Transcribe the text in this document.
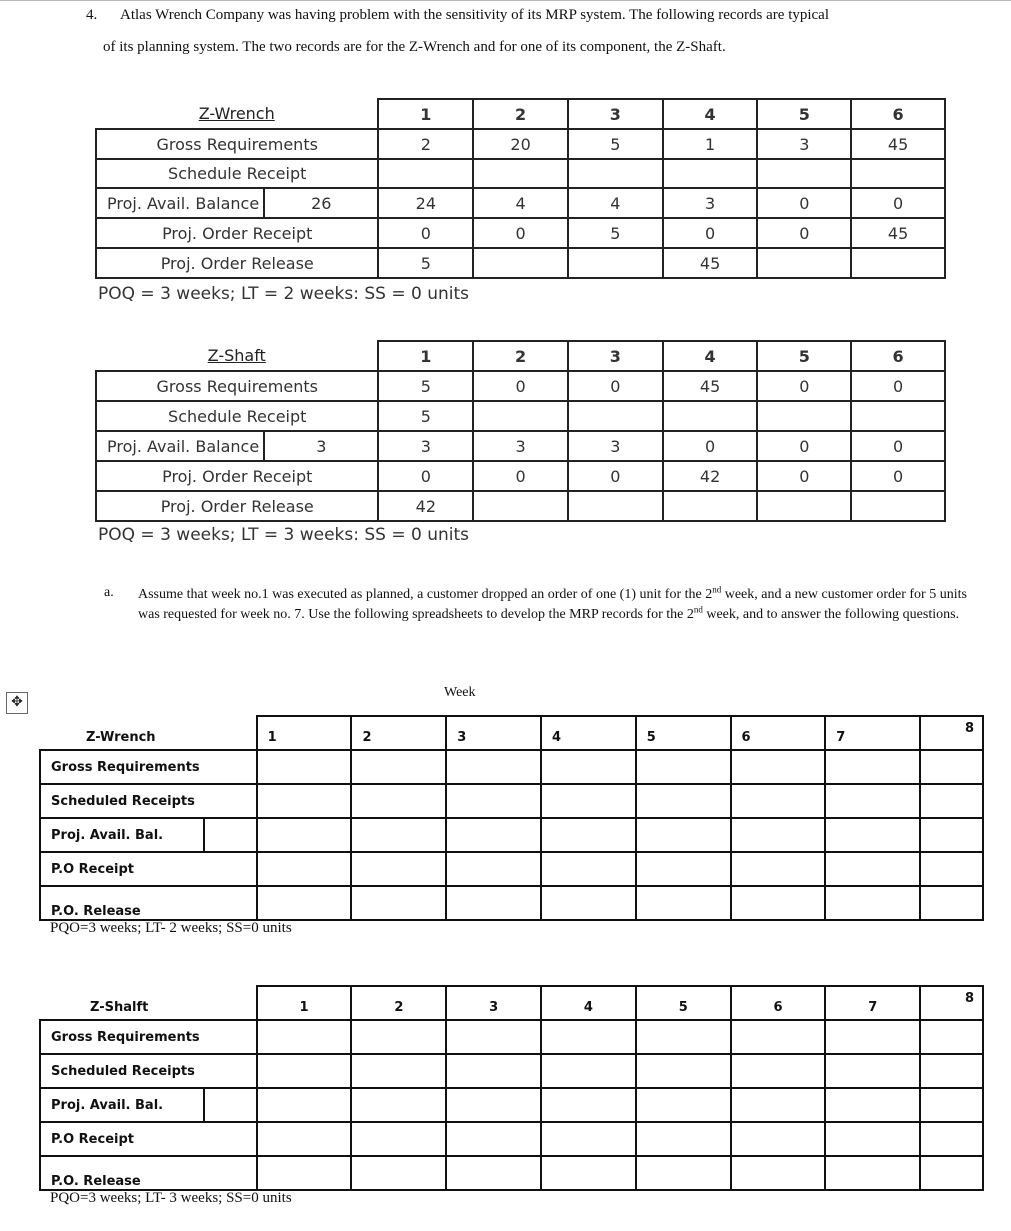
4. Atlas Wrench Company was having problem with the sensitivity of its MRP system. The following records are typical
of its planning system. The two records are for the Z-Wrench and for one of its component, the Z-Shaft.
Z-Wrench	1	2	3	4	5	6
Gross Requirements	2	20	5	1	3	45
Schedule Receipt						

Proj. Avail. Balance 26	24	4	4	3	0	0
Proj. Order Receipt	0	0	5	0	0	45
Proj. Order Release	5			45		
POQ = 3 weeks; LT = 2 weeks: SS = 0 units
Z-Shaft	1	2	3	4	5	6
Gross Requirements	5	0	0	45	0	0
Schedule Receipt	5					

Proj. Avail. Balance 3	3	3	3	0	0	0
Proj. Order Receipt	0	0	0	42	0	0
Proj. Order Release	42					
POQ = 3 weeks; LT = 3 weeks: SS = 0 units
a. Assume that week no.1 was executed as planned, a customer dropped an order of one (1) unit for the 2nd week, and a new customer order for 5 units was requested for week no. 7. Use the following spreadsheets to develop the MRP records for the 2nd week, and to answer the following questions.
✥
Week
Z-Wrench		1	2	3	4	5	6	7	8
Gross Requirements									
Scheduled Receipts									
Proj. Avail. Bal.									
P.O Receipt									
P.O. Release									
PQO=3 weeks; LT- 2 weeks; SS=0 units
Z-Shalft		1	2	3	4	5	6	7	8
Gross Requirements									
Scheduled Receipts									
Proj. Avail. Bal.									
P.O Receipt									
P.O. Release									
PQO=3 weeks; LT- 3 weeks; SS=0 units
